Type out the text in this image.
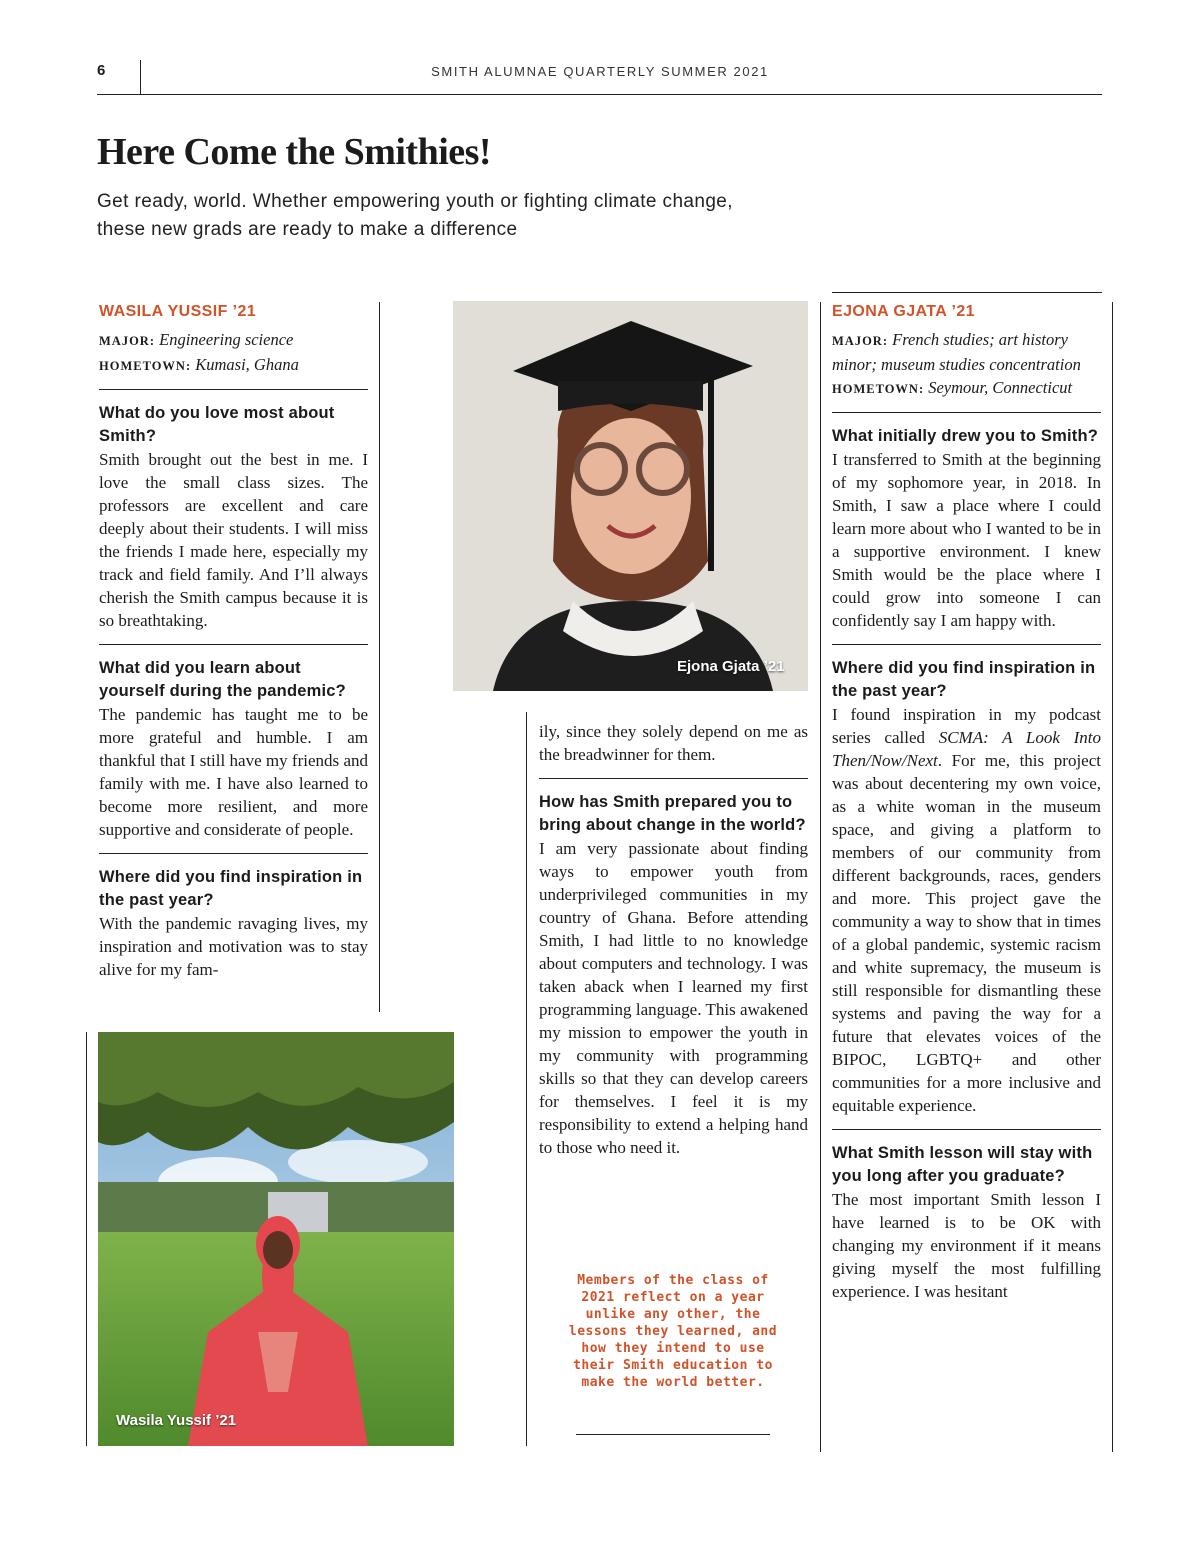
6	SMITH ALUMNAE QUARTERLY SUMMER 2021
Here Come the Smithies!
Get ready, world. Whether empowering youth or fighting climate change,
these new grads are ready to make a difference
WASILA YUSSIF ’21
MAJOR: Engineering science
HOMETOWN: Kumasi, Ghana
What do you love most about Smith?
Smith brought out the best in me. I love the small class sizes. The professors are excellent and care deeply about their students. I will miss the friends I made here, especially my track and field family. And I’ll always cherish the Smith campus because it is so breathtaking.
What did you learn about yourself during the pandemic?
The pandemic has taught me to be more grateful and humble. I am thankful that I still have my friends and family with me. I have also learned to become more resilient, and more supportive and considerate of people.
Where did you find inspiration in the past year?
With the pandemic ravaging lives, my inspiration and motivation was to stay alive for my fam-
Wasila Yussif ’21
Ejona Gjata ’21
ily, since they solely depend on me as the breadwinner for them.
How has Smith prepared you to bring about change in the world?
I am very passionate about finding ways to empower youth from underprivileged communities in my country of Ghana. Before attending Smith, I had little to no knowledge about computers and technology. I was taken aback when I learned my first programming language. This awakened my mission to empower the youth in my community with programming skills so that they can develop careers for themselves. I feel it is my responsibility to extend a helping hand to those who need it.
Members of the class of 2021 reflect on a year unlike any other, the lessons they learned, and how they intend to use their Smith education to make the world better.
EJONA GJATA ’21
MAJOR: French studies; art history minor; museum studies concentration
HOMETOWN: Seymour, Connecticut
What initially drew you to Smith?
I transferred to Smith at the beginning of my sophomore year, in 2018. In Smith, I saw a place where I could learn more about who I wanted to be in a supportive environment. I knew Smith would be the place where I could grow into someone I can confidently say I am happy with.
Where did you find inspiration in the past year?
I found inspiration in my podcast series called SCMA: A Look Into Then/Now/Next. For me, this project was about decentering my own voice, as a white woman in the museum space, and giving a platform to members of our community from different backgrounds, races, genders and more. This project gave the community a way to show that in times of a global pandemic, systemic racism and white supremacy, the museum is still responsible for dismantling these systems and paving the way for a future that elevates voices of the BIPOC, LGBTQ+ and other communities for a more inclusive and equitable experience.
What Smith lesson will stay with you long after you graduate?
The most important Smith lesson I have learned is to be OK with changing my environment if it means giving myself the most fulfilling experience. I was hesitant
